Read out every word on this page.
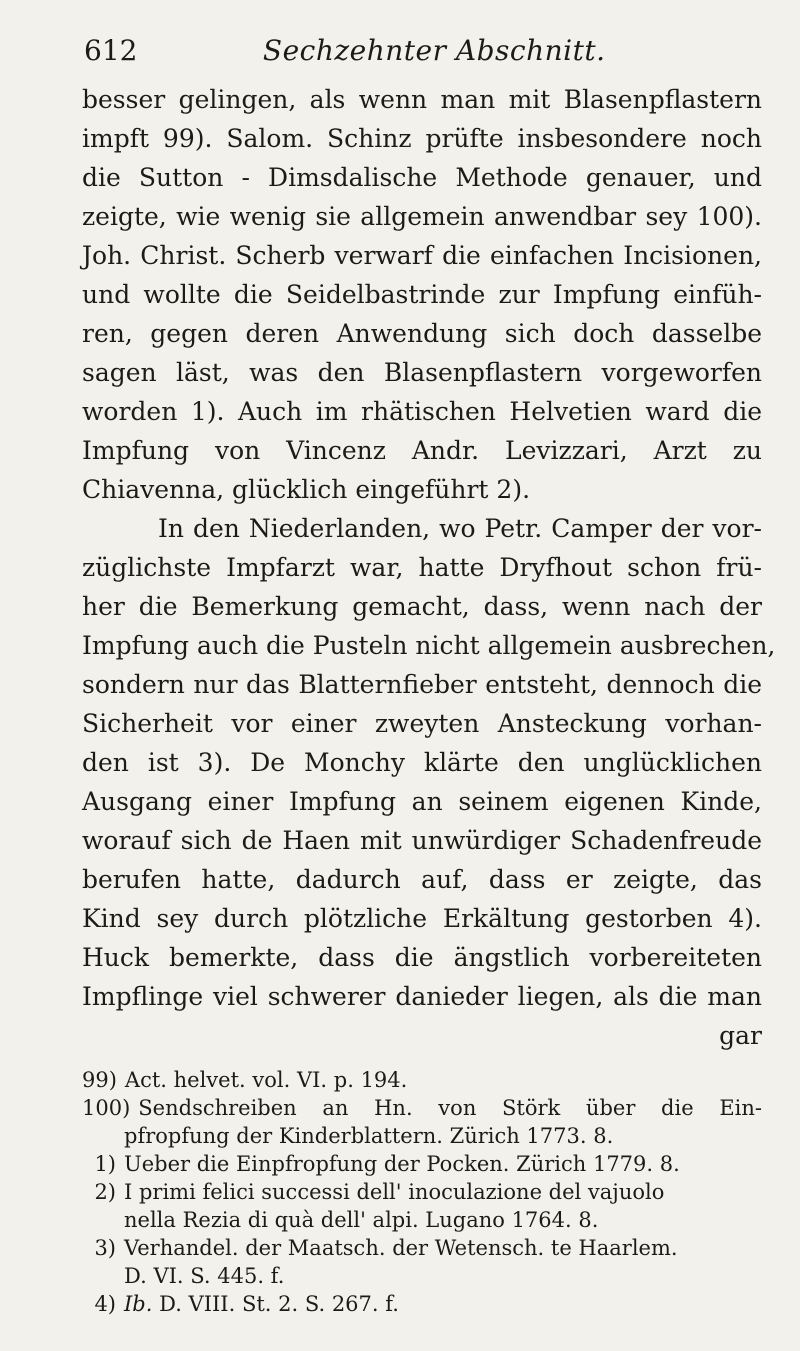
612	Sechzehnter Abschnitt.
besser gelingen, als wenn man mit Blasenpflastern
impft 99). Salom. Schinz prüfte insbesondere noch
die Sutton - Dimsdalische Methode genauer, und
zeigte, wie wenig sie allgemein anwendbar sey 100).
Joh. Christ. Scherb verwarf die einfachen Incisionen,
und wollte die Seidelbastrinde zur Impfung einfüh-
ren, gegen deren Anwendung sich doch dasselbe
sagen läst, was den Blasenpflastern vorgeworfen
worden 1). Auch im rhätischen Helvetien ward die
Impfung von Vincenz Andr. Levizzari, Arzt zu
Chiavenna, glücklich eingeführt 2).
In den Niederlanden, wo Petr. Camper der vor-
züglichste Impfarzt war, hatte Dryfhout schon frü-
her die Bemerkung gemacht, dass, wenn nach der
Impfung auch die Pusteln nicht allgemein ausbrechen,
sondern nur das Blatternfieber entsteht, dennoch die
Sicherheit vor einer zweyten Ansteckung vorhan-
den ist 3). De Monchy klärte den unglücklichen
Ausgang einer Impfung an seinem eigenen Kinde,
worauf sich de Haen mit unwürdiger Schadenfreude
berufen hatte, dadurch auf, dass er zeigte, das
Kind sey durch plötzliche Erkältung gestorben 4).
Huck bemerkte, dass die ängstlich vorbereiteten
Impflinge viel schwerer danieder liegen, als die man
gar
99) Act. helvet. vol. VI. p. 194.
100) Sendschreiben an Hn. von Störk über die Ein-
pfropfung der Kinderblattern. Zürich 1773. 8.
1) Ueber die Einpfropfung der Pocken. Zürich 1779. 8.
2) I primi felici successi dell' inoculazione del vajuolo
nella Rezia di quà dell' alpi. Lugano 1764. 8.
3) Verhandel. der Maatsch. der Wetensch. te Haarlem.
D. VI. S. 445. f.
4) Ib. D. VIII. St. 2. S. 267. f.
